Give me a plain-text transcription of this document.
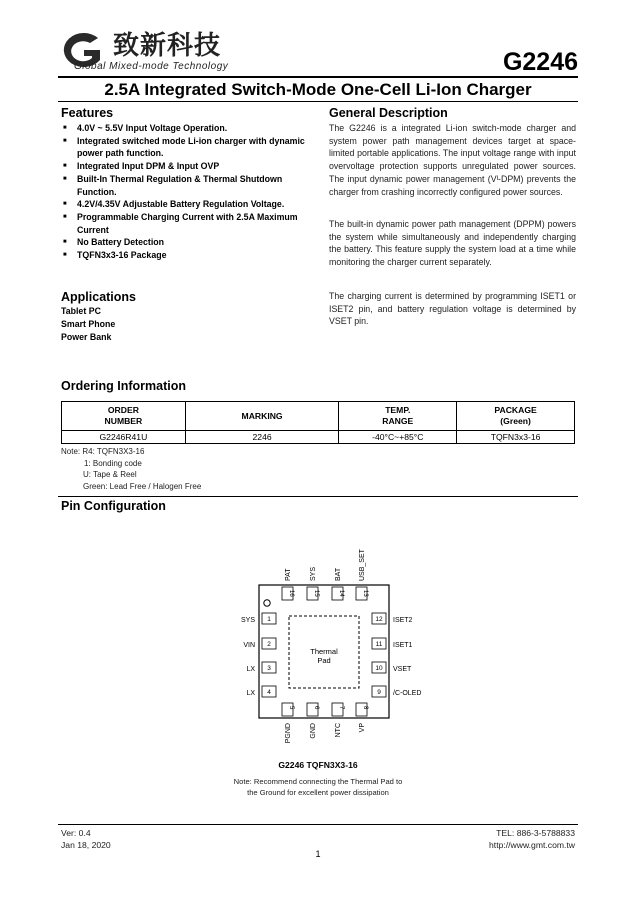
致新科技
Global Mixed-mode Technology	G2246
2.5A Integrated Switch-Mode One-Cell Li-Ion Charger
Features
■ 4.0V ~ 5.5V Input Voltage Operation.
■ Integrated switched mode Li-ion charger with dynamic power path function.
■ Integrated Input DPM & Input OVP
■ Built-In Thermal Regulation & Thermal Shutdown Function.
■ 4.2V/4.35V Adjustable Battery Regulation Voltage.
■ Programmable Charging Current with 2.5A Maximum Current
■ No Battery Detection
■ TQFN3x3-16 Package
Applications
Tablet PC
Smart Phone
Power Bank
General Description

The G2246 is a integrated Li-ion switch-mode charger and system power path management devices target at space-limited portable applications. The input voltage range with input overvoltage protection supports unregulated power sources. The input dynamic power management (Vᴵ-DPM) prevents the charger from crashing incorrectly configured power sources.

The built-in dynamic power path management (DPPM) powers the system while simultaneously and independently charging the battery. This feature supply the system load at a time while monitoring the charger current separately.

The charging current is determined by programming ISET1 or ISET2 pin, and battery regulation voltage is determined by VSET pin.

Ordering Information
ORDER NUMBER	MARKING	TEMP. RANGE	PACKAGE (Green)
G2246R41U	2246	-40°C~+85°C	TQFN3x3-16
Note: R4: TQFN3X3-16
1: Bonding code
U: Tape & Reel
Green: Lead Free / Halogen Free
Pin Configuration
Thermal
Pad
16	15	14	13
PAT	SYS	BAT USB_SET
1
2
3
4
SYS
VIN
LX
LX
12
11
10
9
ISET2
ISET1
VSET
/C-OLED
5	6	7	8
PGND	GND	NTC VP
G2246 TQFN3X3-16
Note: Recommend connecting the Thermal Pad to
the Ground for excellent power dissipation
Ver: 0.4
Jan 18, 2020
TEL: 886-3-5788833
http://www.gmt.com.tw
1
